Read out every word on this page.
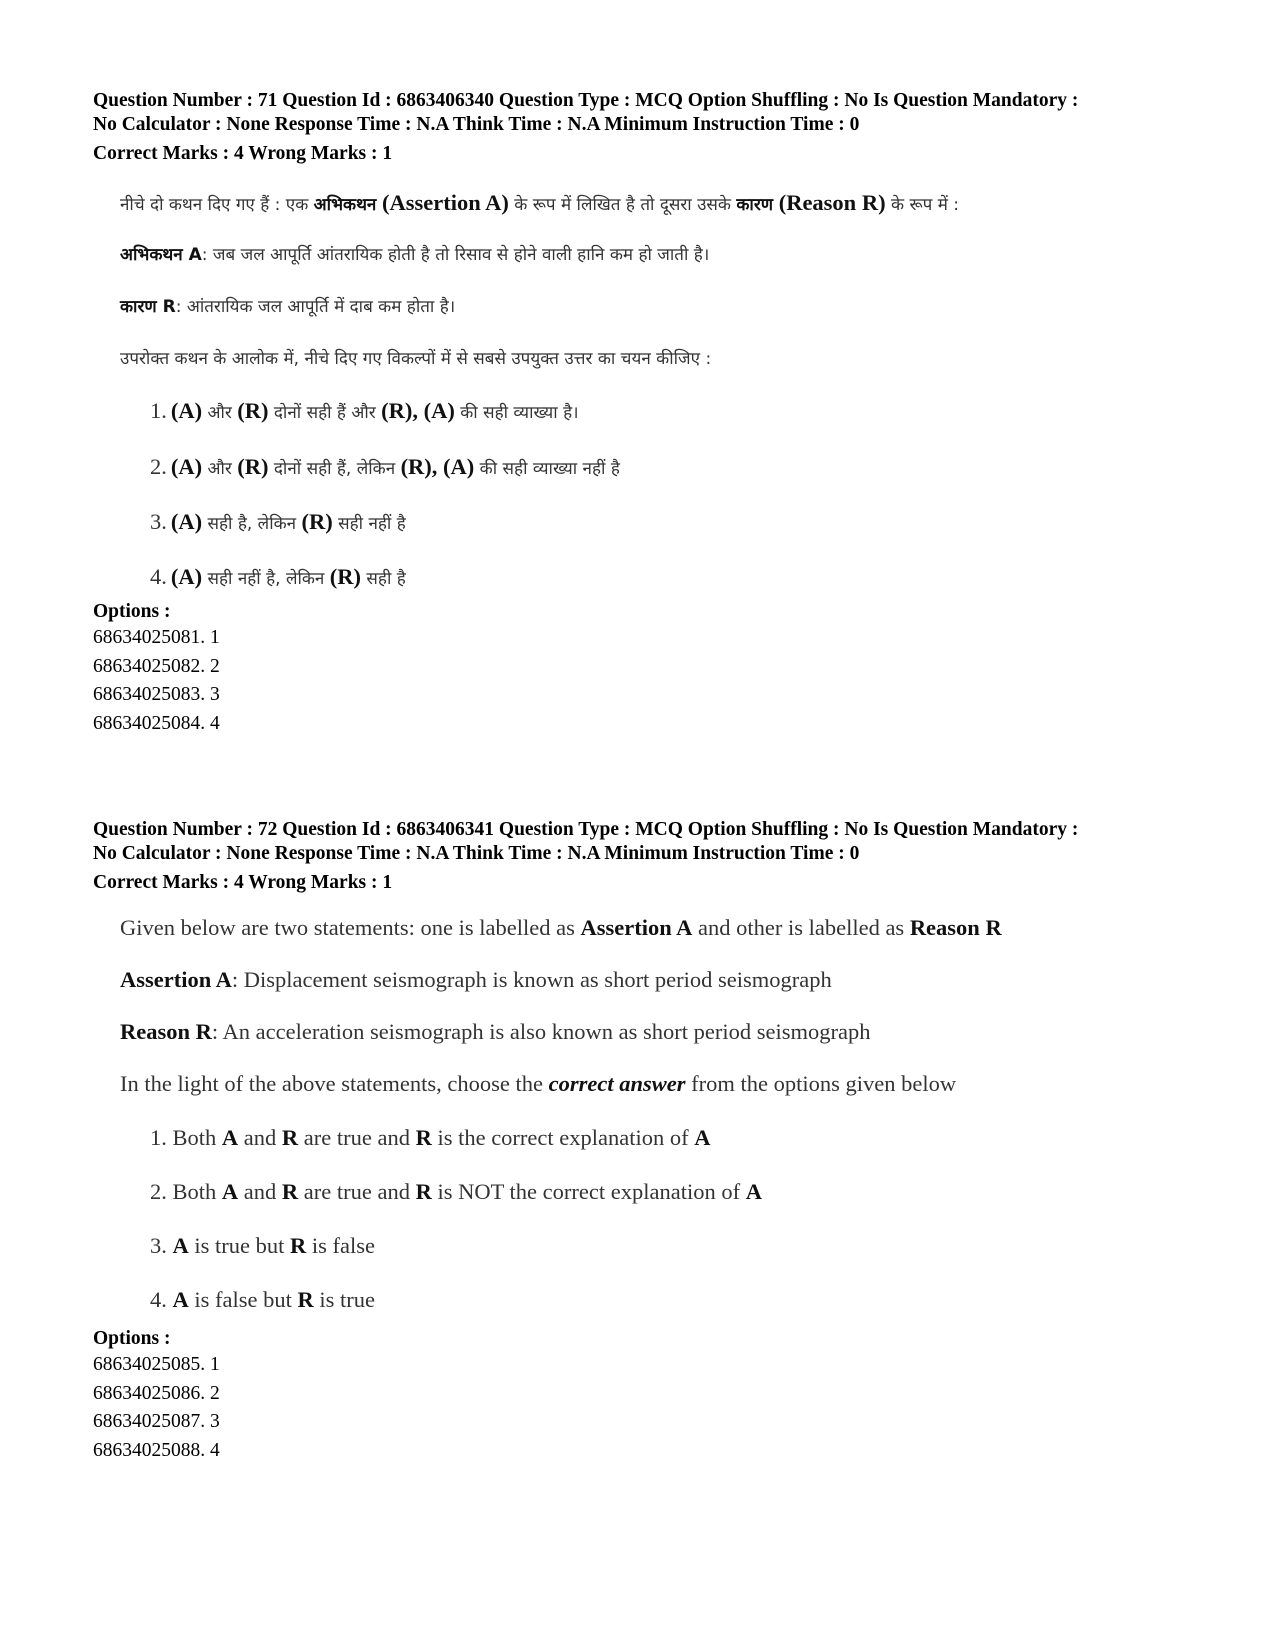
Question Number : 71 Question Id : 6863406340 Question Type : MCQ Option Shuffling : No Is Question Mandatory :

No Calculator : None Response Time : N.A Think Time : N.A Minimum Instruction Time : 0

Correct Marks : 4 Wrong Marks : 1

नीचे दो कथन दिए गए हैं : एक अभिकथन (Assertion A) के रूप में लिखित है तो दूसरा उसके कारण (Reason R) के रूप में :
अभिकथन A: जब जल आपूर्ति आंतरायिक होती है तो रिसाव से होने वाली हानि कम हो जाती है।
कारण R: आंतरायिक जल आपूर्ति में दाब कम होता है।
उपरोक्त कथन के आलोक में, नीचे दिए गए विकल्पों में से सबसे उपयुक्त उत्तर का चयन कीजिए :
1. (A) और (R) दोनों सही हैं और (R), (A) की सही व्याख्या है।
2. (A) और (R) दोनों सही हैं, लेकिन (R), (A) की सही व्याख्या नहीं है
3. (A) सही है, लेकिन (R) सही नहीं है
4. (A) सही नहीं है, लेकिन (R) सही है

Options :

68634025081. 1
68634025082. 2
68634025083. 3
68634025084. 4

Question Number : 72 Question Id : 6863406341 Question Type : MCQ Option Shuffling : No Is Question Mandatory :

No Calculator : None Response Time : N.A Think Time : N.A Minimum Instruction Time : 0

Correct Marks : 4 Wrong Marks : 1

Given below are two statements: one is labelled as Assertion A and other is labelled as Reason R
Assertion A: Displacement seismograph is known as short period seismograph
Reason R: An acceleration seismograph is also known as short period seismograph
In the light of the above statements, choose the correct answer from the options given below
1. Both A and R are true and R is the correct explanation of A
2. Both A and R are true and R is NOT the correct explanation of A
3. A is true but R is false
4. A is false but R is true

Options :

68634025085. 1
68634025086. 2
68634025087. 3
68634025088. 4
